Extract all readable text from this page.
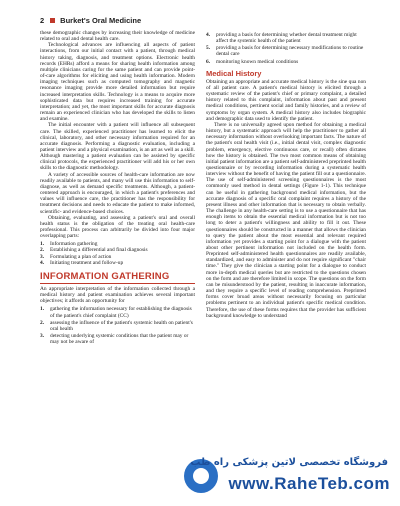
2 Burket's Oral Medicine

these demographic changes by increasing their knowledge of medicine related to oral and dental health care.

Technological advances are influencing all aspects of patient interactions, from our initial contact with a patient, through medical history taking, diagnosis, and treatment options. Electronic health records (EHRs) afford a means for sharing health information among multiple clinicians caring for the same patient and can provide point-of-care algorithms for eliciting and using health information. Modern imaging techniques such as computed tomography and magnetic resonance imaging provide more detailed information but require increased interpretation skills. Technology is a means to acquire more sophisticated data but requires increased training for accurate interpretation; and yet, the most important skills for accurate diagnosis remain an experienced clinician who has developed the skills to listen and examine.

The initial encounter with a patient will influence all subsequent care. The skilled, experienced practitioner has learned to elicit the clinical, laboratory, and other necessary information required for an accurate diagnosis. Performing a diagnostic evaluation, including a patient interview and a physical examination, is an art as well as a skill. Although mastering a patient evaluation can be assisted by specific clinical protocols, the experienced practitioner will add his or her own skills to the diagnostic methodology.

A variety of accessible sources of health-care information are now readily available to patients, and many will use this information to self-diagnose, as well as demand specific treatments. Although, a patient-centered approach is encouraged, in which a patient's preferences and values will influence care, the practitioner has the responsibility for treatment decisions and needs to educate the patient to make informed, scientific- and evidence-based choices.

Obtaining, evaluating, and assessing a patient's oral and overall health status is the obligation of the treating oral health-care professional. This process can arbitrarily be divided into four major overlapping parts:

1.	Information gathering
2.	Establishing a differential and final diagnosis
3.	Formulating a plan of action
4.	Initiating treatment and follow-up
INFORMATION GATHERING

An appropriate interpretation of the information collected through a medical history and patient examination achieves several important objectives; it affords an opportunity for

1.	gathering the information necessary for establishing the diagnosis of the patient's chief complaint (CC)
2.	assessing the influence of the patient's systemic health on patient's oral health
3.	detecting underlying systemic conditions that the patient may or may not be aware of
4.	providing a basis for determining whether dental treatment might affect the systemic health of the patient
5.	providing a basis for determining necessary modifications to routine dental care
6.	monitoring known medical conditions
Medical History

Obtaining an appropriate and accurate medical history is the sine qua non of all patient care. A patient's medical history is elicited through a systematic review of the patient's chief or primary complaint, a detailed history related to this complaint, information about past and present medical conditions, pertinent social and family histories, and a review of symptoms by organ system. A medical history also includes biographic and demographic data used to identify the patient.

There is no universally agreed upon method for obtaining a medical history, but a systematic approach will help the practitioner to gather all necessary information without overlooking important facts. The nature of the patient's oral health visit (i.e., initial dental visit, complex diagnostic problem, emergency, elective continuous care, or recall) often dictates how the history is obtained. The two most common means of obtaining initial patient information are a patient self-administered preprinted health questionnaire or by recording information during a systematic health interview without the benefit of having the patient fill out a questionnaire. The use of self-administered screening questionnaires is the most commonly used method in dental settings (Figure 1-1). This technique can be useful in gathering background medical information, but the accurate diagnosis of a specific oral complaint requires a history of the present illness and other information that is necessary to obtain verbally. The challenge in any health-care setting is to use a questionnaire that has enough items to obtain the essential medical information but is not too long to deter a patient's willingness and ability to fill it out. These questionnaires should be constructed in a manner that allows the clinician to query the patient about the most essential and relevant required information yet provides a starting point for a dialogue with the patient about other pertinent information not included on the health form. Preprinted self-administered health questionnaires are readily available, standardized, and easy to administer and do not require significant "chair time." They give the clinician a starting point for a dialogue to conduct more in-depth medical queries but are restricted to the questions chosen on the form and are therefore limited in scope. The questions on the form can be misunderstood by the patient, resulting in inaccurate information, and they require a specific level of reading comprehension. Preprinted forms cover broad areas without necessarily focusing on particular problems pertinent to an individual patient's specific medical condition. Therefore, the use of these forms requires that the provider has sufficient background knowledge to understand

فروشگاه تخصصی لاتین پزشکی راه طب
www.RaheTeb.com
